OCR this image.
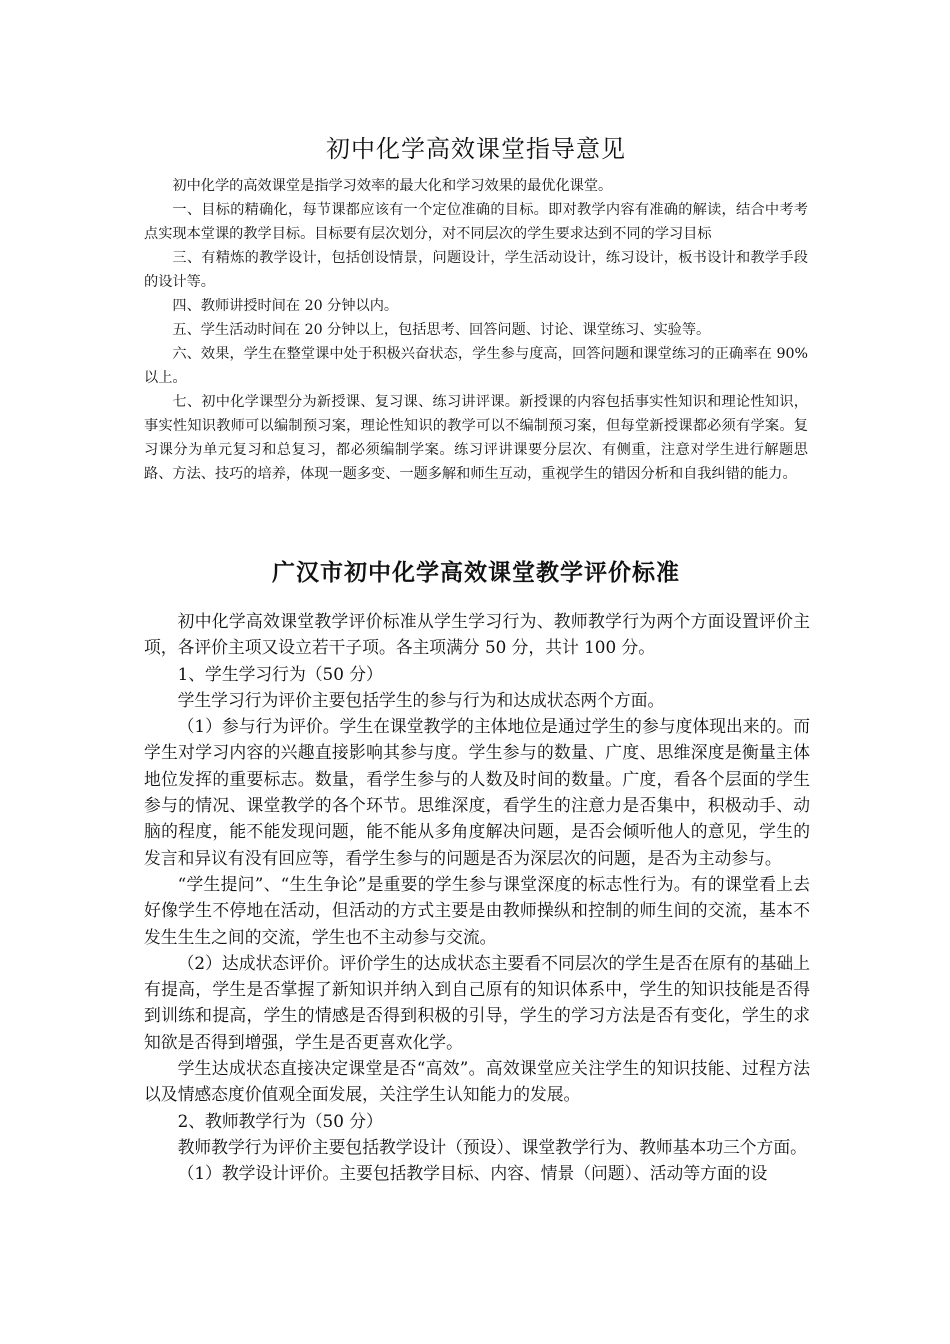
初中化学高效课堂指导意见

初中化学的高效课堂是指学习效率的最大化和学习效果的最优化课堂。

一、目标的精确化，每节课都应该有一个定位准确的目标。即对教学内容有准确的解读，结合中考考点实现本堂课的教学目标。目标要有层次划分，对不同层次的学生要求达到不同的学习目标

三、有精炼的教学设计，包括创设情景，问题设计，学生活动设计，练习设计，板书设计和教学手段的设计等。

四、教师讲授时间在 20 分钟以内。

五、学生活动时间在 20 分钟以上，包括思考、回答问题、讨论、课堂练习、实验等。

六、效果，学生在整堂课中处于积极兴奋状态，学生参与度高，回答问题和课堂练习的正确率在 90%以上。

七、初中化学课型分为新授课、复习课、练习讲评课。新授课的内容包括事实性知识和理论性知识，事实性知识教师可以编制预习案，理论性知识的教学可以不编制预习案，但每堂新授课都必须有学案。复习课分为单元复习和总复习，都必须编制学案。练习评讲课要分层次、有侧重，注意对学生进行解题思路、方法、技巧的培养，体现一题多变、一题多解和师生互动，重视学生的错因分析和自我纠错的能力。

广汉市初中化学高效课堂教学评价标准

初中化学高效课堂教学评价标准从学生学习行为、教师教学行为两个方面设置评价主项，各评价主项又设立若干子项。各主项满分 50 分，共计 100 分。

1、学生学习行为（50 分）

学生学习行为评价主要包括学生的参与行为和达成状态两个方面。

（1）参与行为评价。学生在课堂教学的主体地位是通过学生的参与度体现出来的。而学生对学习内容的兴趣直接影响其参与度。学生参与的数量、广度、思维深度是衡量主体地位发挥的重要标志。数量，看学生参与的人数及时间的数量。广度，看各个层面的学生参与的情况、课堂教学的各个环节。思维深度，看学生的注意力是否集中，积极动手、动脑的程度，能不能发现问题，能不能从多角度解决问题，是否会倾听他人的意见，学生的发言和异议有没有回应等，看学生参与的问题是否为深层次的问题，是否为主动参与。

“学生提问”、“生生争论”是重要的学生参与课堂深度的标志性行为。有的课堂看上去好像学生不停地在活动，但活动的方式主要是由教师操纵和控制的师生间的交流，基本不发生生生之间的交流，学生也不主动参与交流。

（2）达成状态评价。评价学生的达成状态主要看不同层次的学生是否在原有的基础上有提高，学生是否掌握了新知识并纳入到自己原有的知识体系中，学生的知识技能是否得到训练和提高，学生的情感是否得到积极的引导，学生的学习方法是否有变化，学生的求知欲是否得到增强，学生是否更喜欢化学。

学生达成状态直接决定课堂是否“高效”。高效课堂应关注学生的知识技能、过程方法以及情感态度价值观全面发展，关注学生认知能力的发展。

2、教师教学行为（50 分）

教师教学行为评价主要包括教学设计（预设）、课堂教学行为、教师基本功三个方面。

（1）教学设计评价。主要包括教学目标、内容、情景（问题）、活动等方面的设
